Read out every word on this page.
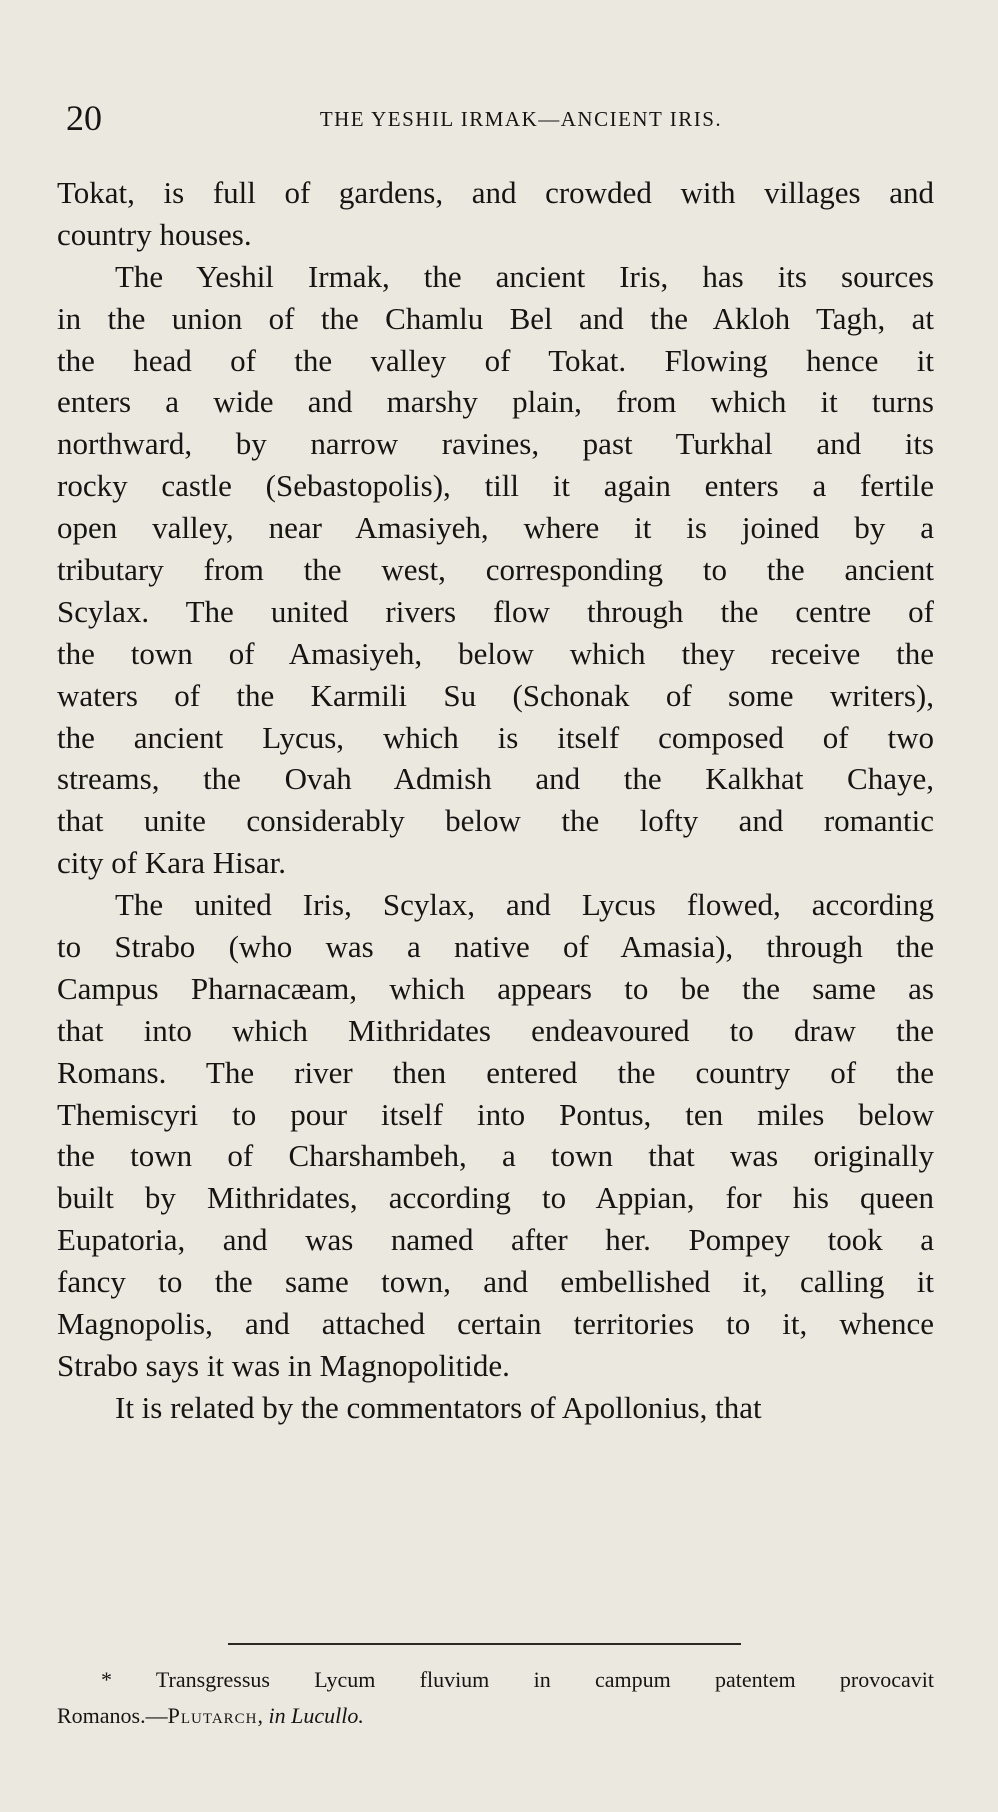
20	THE YESHIL IRMAK—ANCIENT IRIS.
Tokat, is full of gardens, and crowded with villages and
country houses.
The Yeshil Irmak, the ancient Iris, has its sources
in the union of the Chamlu Bel and the Akloh Tagh, at
the head of the valley of Tokat. Flowing hence it
enters a wide and marshy plain, from which it turns
northward, by narrow ravines, past Turkhal and its
rocky castle (Sebastopolis), till it again enters a fertile
open valley, near Amasiyeh, where it is joined by a
tributary from the west, corresponding to the ancient
Scylax. The united rivers flow through the centre of
the town of Amasiyeh, below which they receive the
waters of the Karmili Su (Schonak of some writers),
the ancient Lycus, which is itself composed of two
streams, the Ovah Admish and the Kalkhat Chaye,
that unite considerably below the lofty and romantic
city of Kara Hisar.
The united Iris, Scylax, and Lycus flowed, according
to Strabo (who was a native of Amasia), through the
Campus Pharnacæam, which appears to be the same as
that into which Mithridates endeavoured to draw the
Romans. The river then entered the country of the
Themiscyri to pour itself into Pontus, ten miles below
the town of Charshambeh, a town that was originally
built by Mithridates, according to Appian, for his queen
Eupatoria, and was named after her. Pompey took a
fancy to the same town, and embellished it, calling it
Magnopolis, and attached certain territories to it, whence
Strabo says it was in Magnopolitide.
It is related by the commentators of Apollonius, that
* Transgressus Lycum fluvium in campum patentem provocavit
Romanos.—Plutarch, in Lucullo.
